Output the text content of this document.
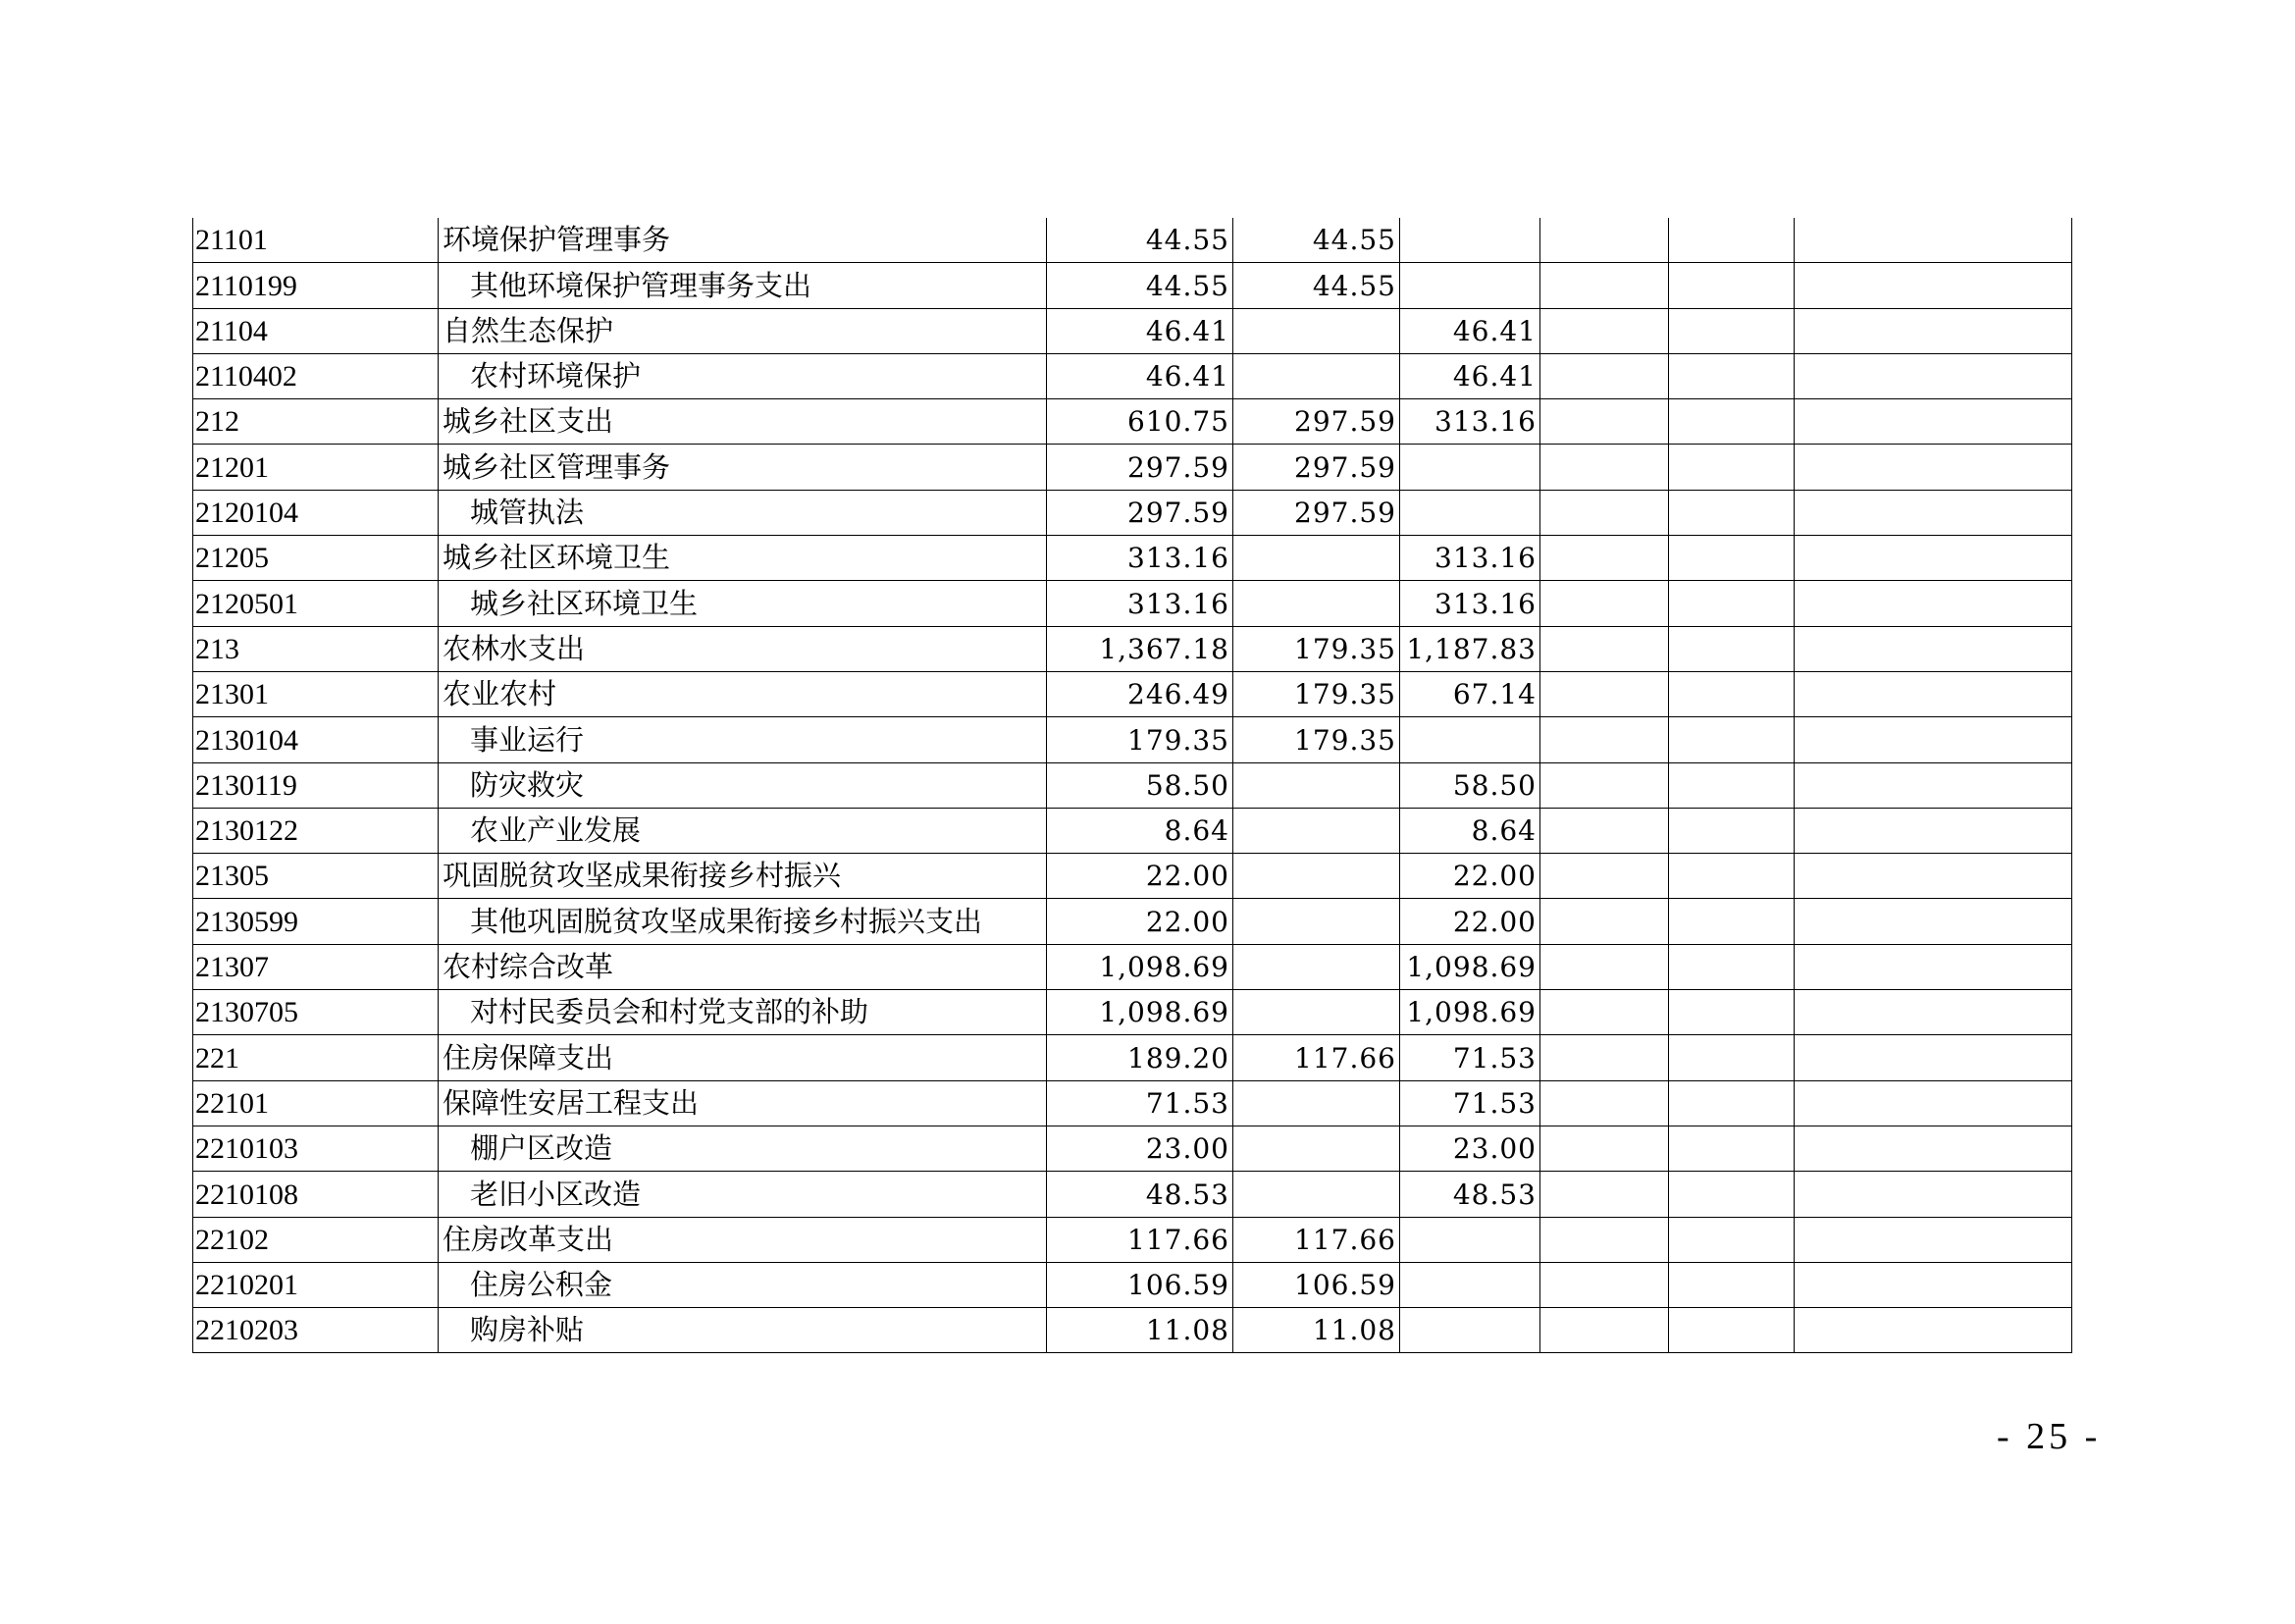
21101	环境保护管理事务	44.55	44.55				
2110199	其他环境保护管理事务支出	44.55	44.55				
21104	自然生态保护	46.41		46.41			
2110402	农村环境保护	46.41		46.41			
212	城乡社区支出	610.75	297.59	313.16			
21201	城乡社区管理事务	297.59	297.59				
2120104	城管执法	297.59	297.59				
21205	城乡社区环境卫生	313.16		313.16			
2120501	城乡社区环境卫生	313.16		313.16			
213	农林水支出	1,367.18	179.35	1,187.83			
21301	农业农村	246.49	179.35	67.14			
2130104	事业运行	179.35	179.35				
2130119	防灾救灾	58.50		58.50			
2130122	农业产业发展	8.64		8.64			
21305	巩固脱贫攻坚成果衔接乡村振兴	22.00		22.00			
2130599	其他巩固脱贫攻坚成果衔接乡村振兴支出	22.00		22.00			
21307	农村综合改革	1,098.69		1,098.69			
2130705	对村民委员会和村党支部的补助	1,098.69		1,098.69			
221	住房保障支出	189.20	117.66	71.53			
22101	保障性安居工程支出	71.53		71.53			
2210103	棚户区改造	23.00		23.00			
2210108	老旧小区改造	48.53		48.53			
22102	住房改革支出	117.66	117.66				
2210201	住房公积金	106.59	106.59				
2210203	购房补贴	11.08	11.08				
- 25 -
